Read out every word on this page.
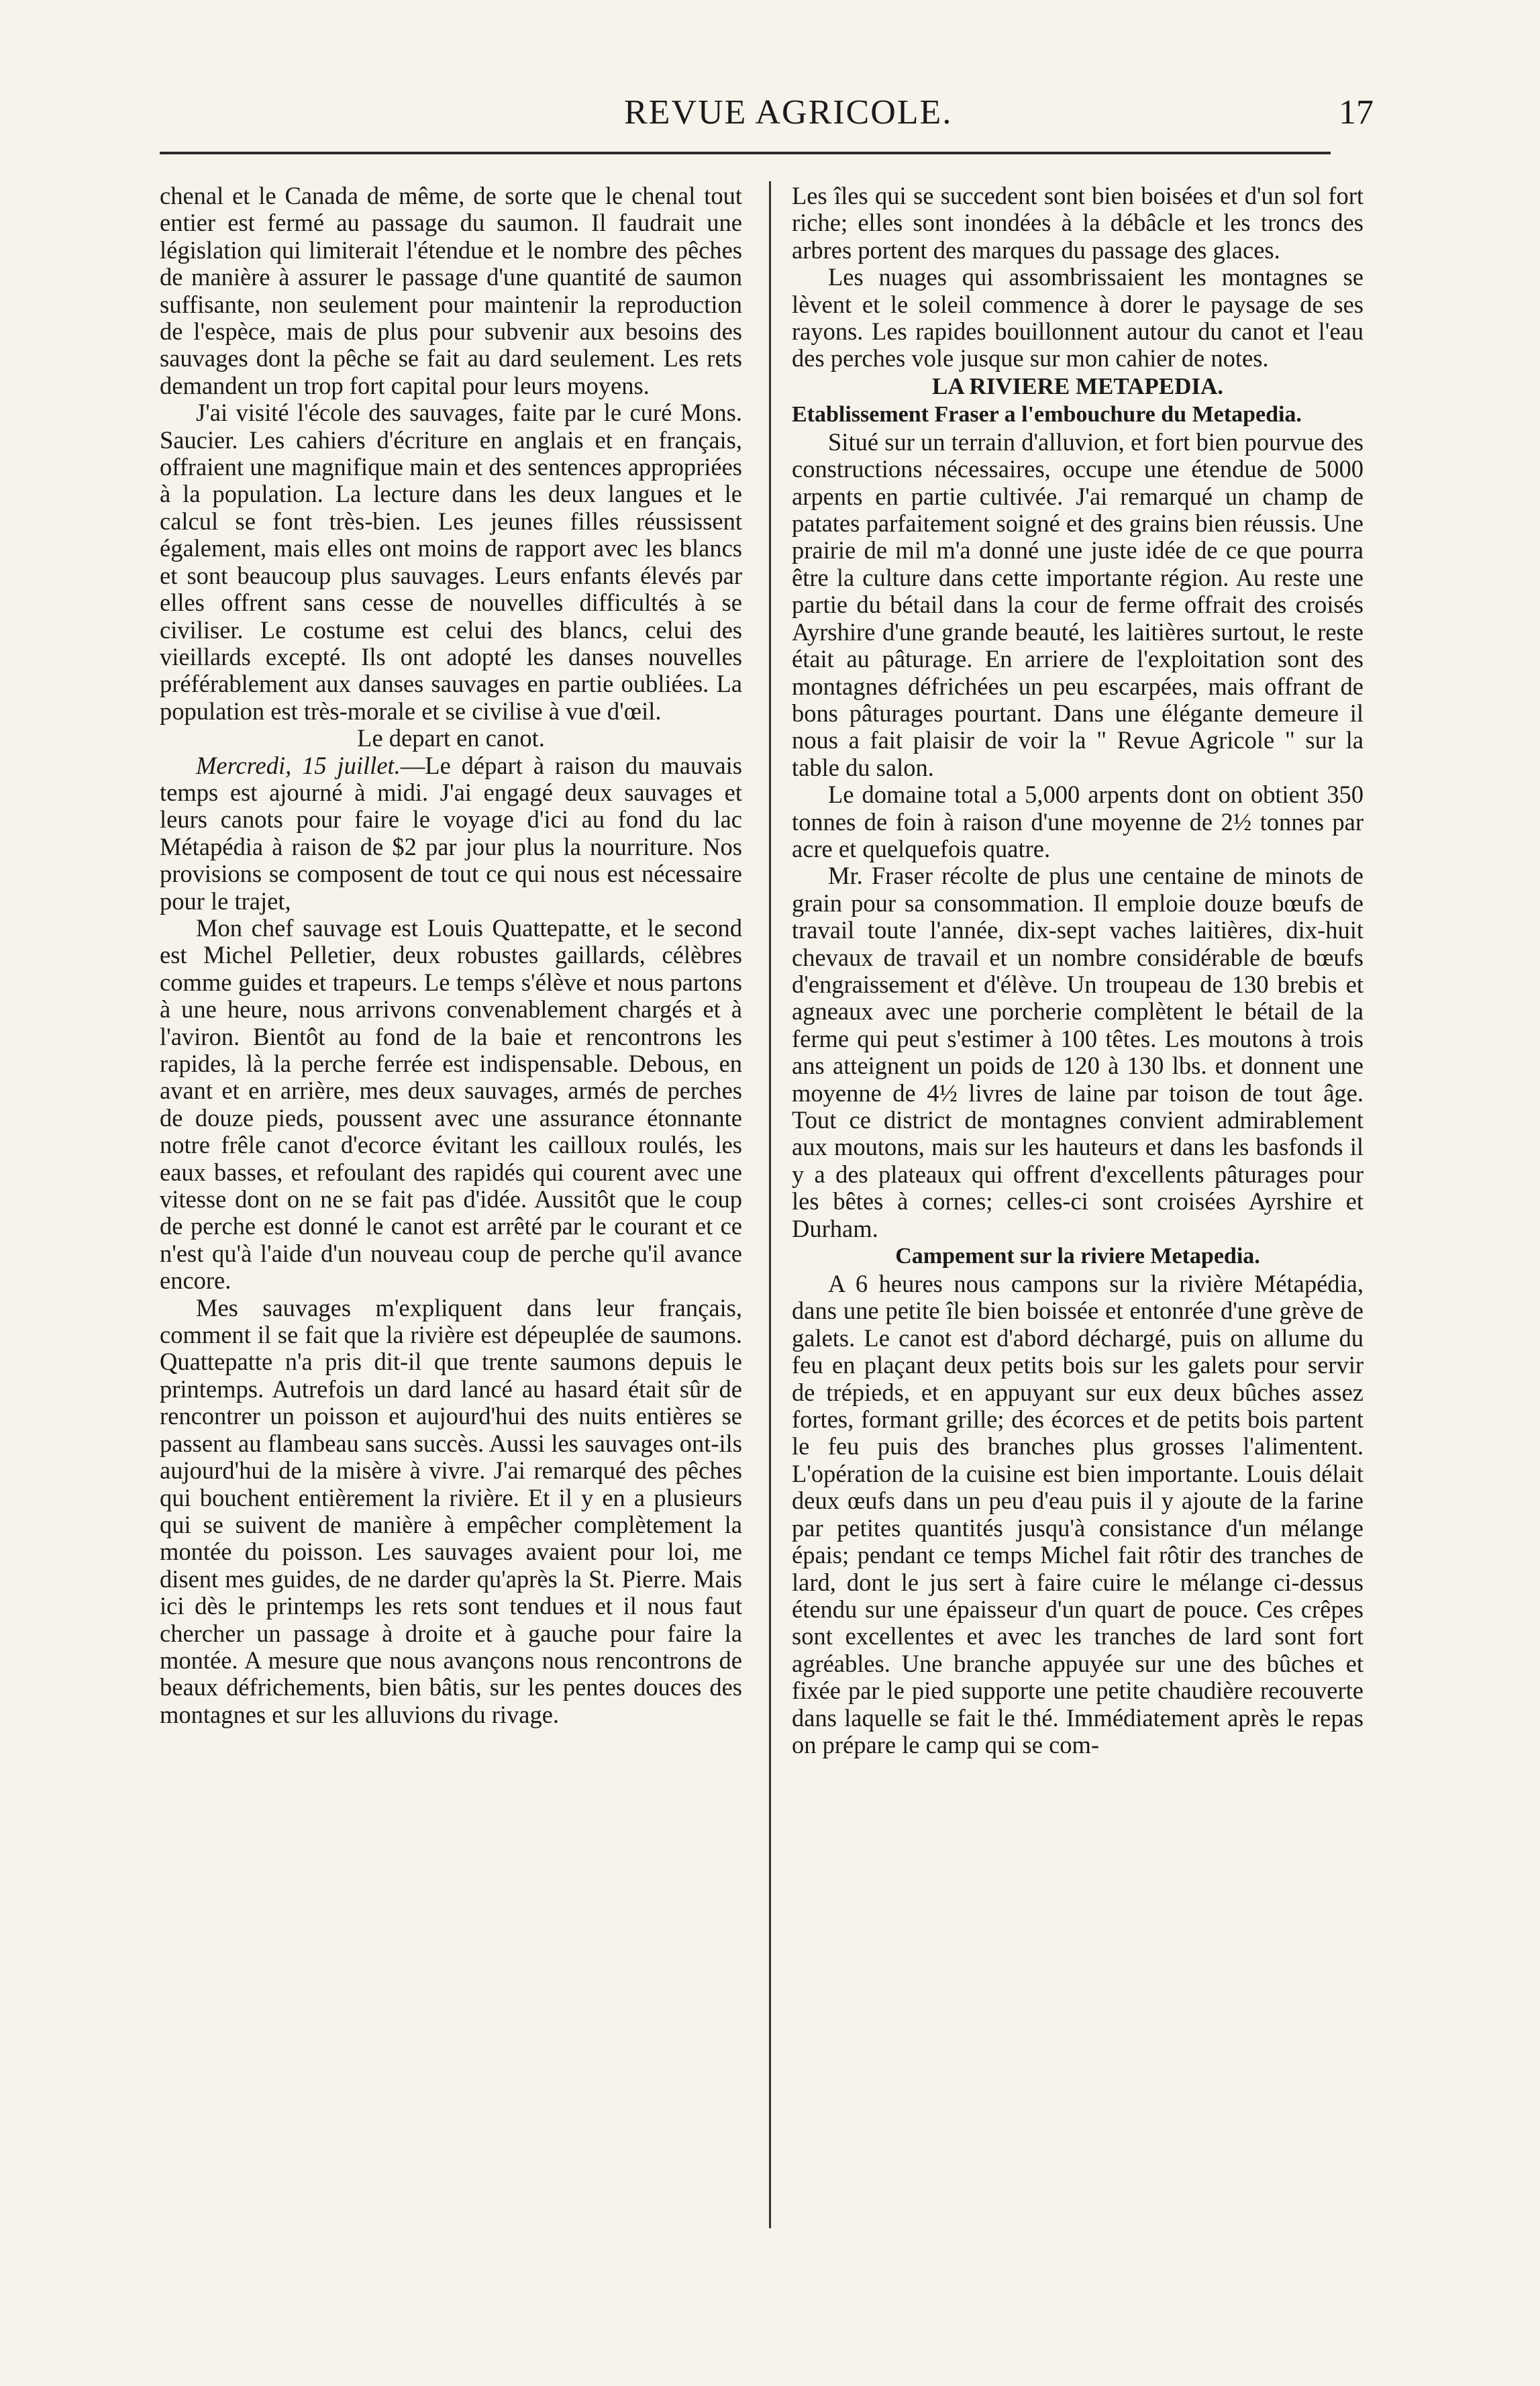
REVUE AGRICOLE.	17

chenal et le Canada de même, de sorte que le chenal tout entier est fermé au passage du saumon. Il faudrait une législation qui limiterait l'étendue et le nombre des pêches de manière à assurer le passage d'une quantité de saumon suffisante, non seulement pour maintenir la reproduction de l'espèce, mais de plus pour subvenir aux besoins des sauvages dont la pêche se fait au dard seulement. Les rets demandent un trop fort capital pour leurs moyens.

J'ai visité l'école des sauvages, faite par le curé Mons. Saucier. Les cahiers d'écriture en anglais et en français, offraient une magnifique main et des sentences appropriées à la population. La lecture dans les deux langues et le calcul se font très-bien. Les jeunes filles réussissent également, mais elles ont moins de rapport avec les blancs et sont beaucoup plus sauvages. Leurs enfants élevés par elles offrent sans cesse de nouvelles difficultés à se civiliser. Le costume est celui des blancs, celui des vieillards excepté. Ils ont adopté les danses nouvelles préférablement aux danses sauvages en partie oubliées. La population est très-morale et se civilise à vue d'œil.

Le depart en canot.

Mercredi, 15 juillet.—Le départ à raison du mauvais temps est ajourné à midi. J'ai engagé deux sauvages et leurs canots pour faire le voyage d'ici au fond du lac Métapédia à raison de $2 par jour plus la nourriture. Nos provisions se composent de tout ce qui nous est nécessaire pour le trajet,

Mon chef sauvage est Louis Quattepatte, et le second est Michel Pelletier, deux robustes gaillards, célèbres comme guides et trapeurs. Le temps s'élève et nous partons à une heure, nous arrivons convenablement chargés et à l'aviron. Bientôt au fond de la baie et rencontrons les rapides, là la perche ferrée est indispensable. Debous, en avant et en arrière, mes deux sauvages, armés de perches de douze pieds, poussent avec une assurance étonnante notre frêle canot d'ecorce évitant les cailloux roulés, les eaux basses, et refoulant des rapidés qui courent avec une vitesse dont on ne se fait pas d'idée. Aussitôt que le coup de perche est donné le canot est arrêté par le courant et ce n'est qu'à l'aide d'un nouveau coup de perche qu'il avance encore.

Mes sauvages m'expliquent dans leur français, comment il se fait que la rivière est dépeuplée de saumons. Quattepatte n'a pris dit-il que trente saumons depuis le printemps. Autrefois un dard lancé au hasard était sûr de rencontrer un poisson et aujourd'hui des nuits entières se passent au flambeau sans succès. Aussi les sauvages ont-ils aujourd'hui de la misère à vivre. J'ai remarqué des pêches qui bouchent entièrement la rivière. Et il y en a plusieurs qui se suivent de manière à empêcher complètement la montée du poisson. Les sauvages avaient pour loi, me disent mes guides, de ne darder qu'après la St. Pierre. Mais ici dès le printemps les rets sont tendues et il nous faut chercher un passage à droite et à gauche pour faire la montée. A mesure que nous avançons nous rencontrons de beaux défrichements, bien bâtis, sur les pentes douces des montagnes et sur les alluvions du rivage.

Les îles qui se succedent sont bien boisées et d'un sol fort riche; elles sont inondées à la débâcle et les troncs des arbres portent des marques du passage des glaces.

Les nuages qui assombrissaient les montagnes se lèvent et le soleil commence à dorer le paysage de ses rayons. Les rapides bouillonnent autour du canot et l'eau des perches vole jusque sur mon cahier de notes.

LA RIVIERE METAPEDIA.

Etablissement Fraser a l'embouchure du Metapedia.

Situé sur un terrain d'alluvion, et fort bien pourvue des constructions nécessaires, occupe une étendue de 5000 arpents en partie cultivée. J'ai remarqué un champ de patates parfaitement soigné et des grains bien réussis. Une prairie de mil m'a donné une juste idée de ce que pourra être la culture dans cette importante région. Au reste une partie du bétail dans la cour de ferme offrait des croisés Ayrshire d'une grande beauté, les laitières surtout, le reste était au pâturage. En arriere de l'exploitation sont des montagnes défrichées un peu escarpées, mais offrant de bons pâturages pourtant. Dans une élégante demeure il nous a fait plaisir de voir la " Revue Agricole " sur la table du salon.

Le domaine total a 5,000 arpents dont on obtient 350 tonnes de foin à raison d'une moyenne de 2½ tonnes par acre et quelquefois quatre.

Mr. Fraser récolte de plus une centaine de minots de grain pour sa consommation. Il emploie douze bœufs de travail toute l'année, dix-sept vaches laitières, dix-huit chevaux de travail et un nombre considérable de bœufs d'engraissement et d'élève. Un troupeau de 130 brebis et agneaux avec une porcherie complètent le bétail de la ferme qui peut s'estimer à 100 têtes. Les moutons à trois ans atteignent un poids de 120 à 130 lbs. et donnent une moyenne de 4½ livres de laine par toison de tout âge. Tout ce district de montagnes convient admirablement aux moutons, mais sur les hauteurs et dans les basfonds il y a des plateaux qui offrent d'excellents pâturages pour les bêtes à cornes; celles-ci sont croisées Ayrshire et Durham.

Campement sur la riviere Metapedia.

A 6 heures nous campons sur la rivière Métapédia, dans une petite île bien boissée et entonrée d'une grève de galets. Le canot est d'abord déchargé, puis on allume du feu en plaçant deux petits bois sur les galets pour servir de trépieds, et en appuyant sur eux deux bûches assez fortes, formant grille; des écorces et de petits bois partent le feu puis des branches plus grosses l'alimentent. L'opération de la cuisine est bien importante. Louis délait deux œufs dans un peu d'eau puis il y ajoute de la farine par petites quantités jusqu'à consistance d'un mélange épais; pendant ce temps Michel fait rôtir des tranches de lard, dont le jus sert à faire cuire le mélange ci-dessus étendu sur une épaisseur d'un quart de pouce. Ces crêpes sont excellentes et avec les tranches de lard sont fort agréables. Une branche appuyée sur une des bûches et fixée par le pied supporte une petite chaudière recouverte dans laquelle se fait le thé. Immédiatement après le repas on prépare le camp qui se com-
